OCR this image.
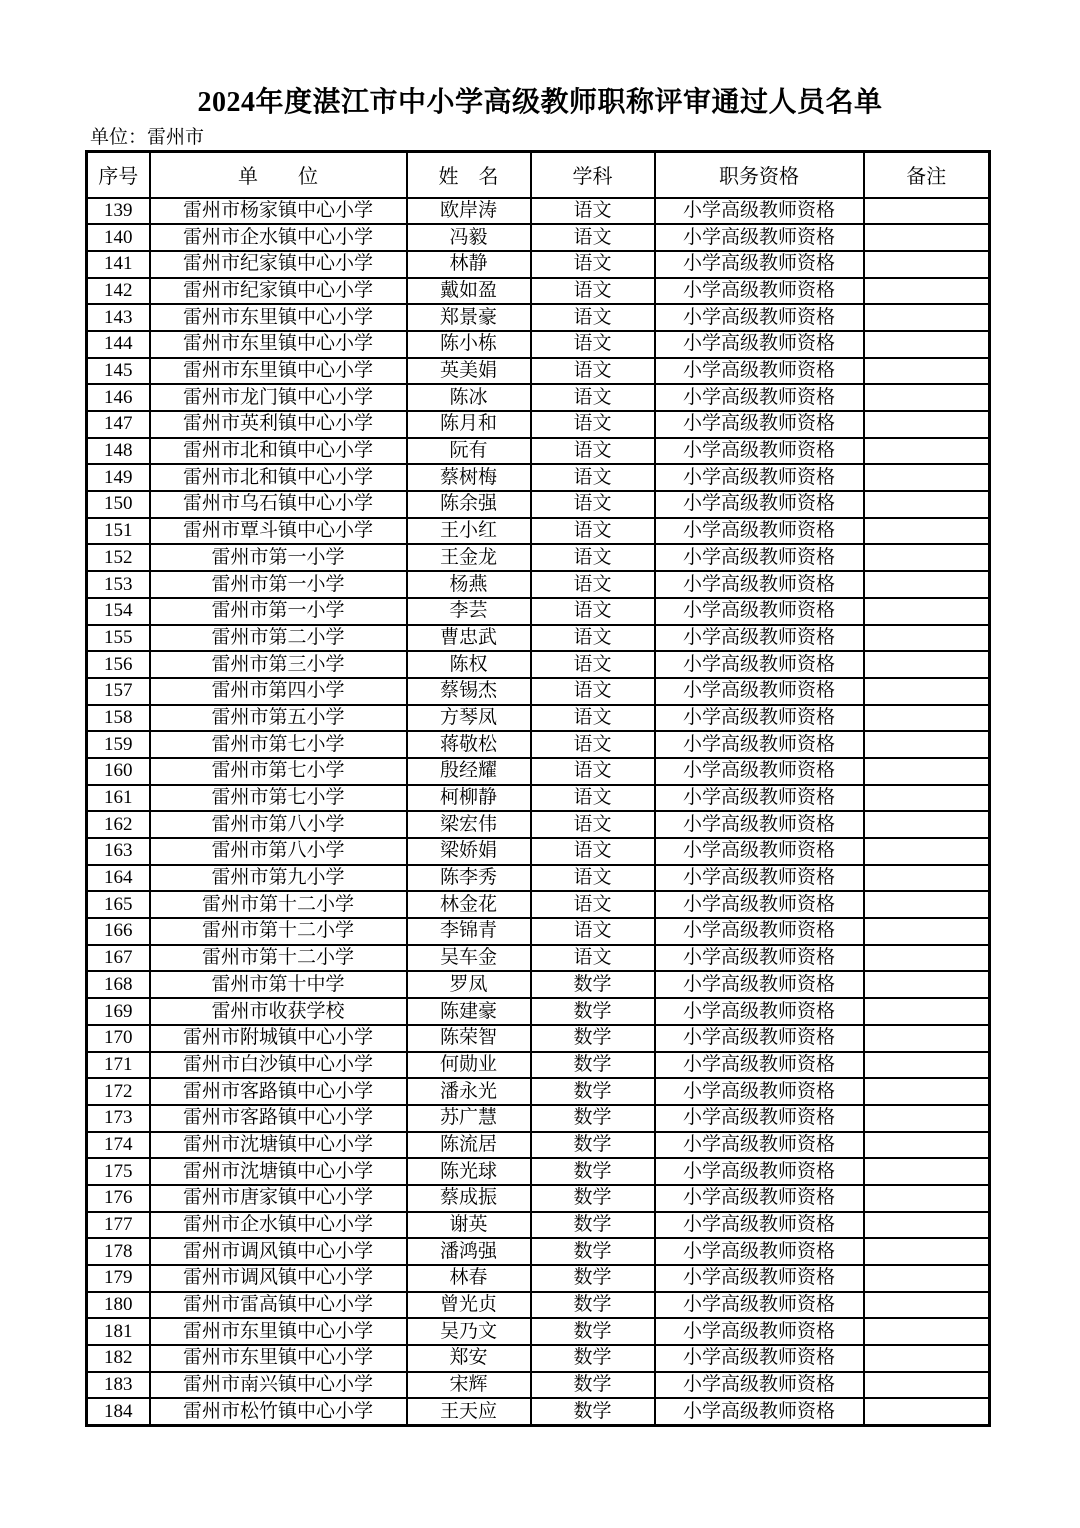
2024年度湛江市中小学高级教师职称评审通过人员名单
单位：雷州市
序号	单　　位	姓　名	学科	职务资格	备注
139	雷州市杨家镇中心小学	欧岸涛	语文	小学高级教师资格	
140	雷州市企水镇中心小学	冯毅	语文	小学高级教师资格	
141	雷州市纪家镇中心小学	林静	语文	小学高级教师资格	
142	雷州市纪家镇中心小学	戴如盈	语文	小学高级教师资格	
143	雷州市东里镇中心小学	郑景豪	语文	小学高级教师资格	
144	雷州市东里镇中心小学	陈小栋	语文	小学高级教师资格	
145	雷州市东里镇中心小学	英美娟	语文	小学高级教师资格	
146	雷州市龙门镇中心小学	陈冰	语文	小学高级教师资格	
147	雷州市英利镇中心小学	陈月和	语文	小学高级教师资格	
148	雷州市北和镇中心小学	阮有	语文	小学高级教师资格	
149	雷州市北和镇中心小学	蔡树梅	语文	小学高级教师资格	
150	雷州市乌石镇中心小学	陈余强	语文	小学高级教师资格	
151	雷州市覃斗镇中心小学	王小红	语文	小学高级教师资格	
152	雷州市第一小学	王金龙	语文	小学高级教师资格	
153	雷州市第一小学	杨燕	语文	小学高级教师资格	
154	雷州市第一小学	李芸	语文	小学高级教师资格	
155	雷州市第二小学	曹忠武	语文	小学高级教师资格	
156	雷州市第三小学	陈权	语文	小学高级教师资格	
157	雷州市第四小学	蔡锡杰	语文	小学高级教师资格	
158	雷州市第五小学	方琴凤	语文	小学高级教师资格	
159	雷州市第七小学	蒋敬松	语文	小学高级教师资格	
160	雷州市第七小学	殷经耀	语文	小学高级教师资格	
161	雷州市第七小学	柯柳静	语文	小学高级教师资格	
162	雷州市第八小学	梁宏伟	语文	小学高级教师资格	
163	雷州市第八小学	梁娇娟	语文	小学高级教师资格	
164	雷州市第九小学	陈李秀	语文	小学高级教师资格	
165	雷州市第十二小学	林金花	语文	小学高级教师资格	
166	雷州市第十二小学	李锦青	语文	小学高级教师资格	
167	雷州市第十二小学	吴车金	语文	小学高级教师资格	
168	雷州市第十中学	罗凤	数学	小学高级教师资格	
169	雷州市收获学校	陈建豪	数学	小学高级教师资格	
170	雷州市附城镇中心小学	陈荣智	数学	小学高级教师资格	
171	雷州市白沙镇中心小学	何勋业	数学	小学高级教师资格	
172	雷州市客路镇中心小学	潘永光	数学	小学高级教师资格	
173	雷州市客路镇中心小学	苏广慧	数学	小学高级教师资格	
174	雷州市沈塘镇中心小学	陈流居	数学	小学高级教师资格	
175	雷州市沈塘镇中心小学	陈光球	数学	小学高级教师资格	
176	雷州市唐家镇中心小学	蔡成振	数学	小学高级教师资格	
177	雷州市企水镇中心小学	谢英	数学	小学高级教师资格	
178	雷州市调风镇中心小学	潘鸿强	数学	小学高级教师资格	
179	雷州市调风镇中心小学	林春	数学	小学高级教师资格	
180	雷州市雷高镇中心小学	曾光贞	数学	小学高级教师资格	
181	雷州市东里镇中心小学	吴乃文	数学	小学高级教师资格	
182	雷州市东里镇中心小学	郑安	数学	小学高级教师资格	
183	雷州市南兴镇中心小学	宋辉	数学	小学高级教师资格	
184	雷州市松竹镇中心小学	王天应	数学	小学高级教师资格	
